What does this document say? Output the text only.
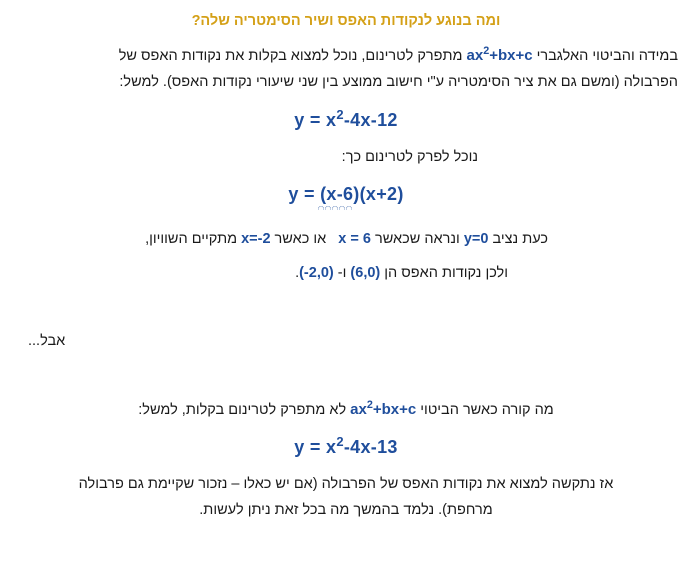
ומה בנוגע לנקודות האפס ושיר הסימטריה שלה?
במידה והביטוי האלגברי $ax^2+bx+c$ מתפרק לטרינום, נוכל למצוא בקלות את נקודות האפס של
הפרבולה (ומשם גם את ציר הסימטריה ע"י חישוב ממוצע בין שני שיעורי נקודות האפס). למשל:
$y = x^2-4x-12$
נוכל לפרק לטרינום כך:
y = (x-6)(x+2)
כעת נציב y=0 ונראה שכאשר x = 6   או כאשר x=-2 מתקיים השוויון,
ולכן נקודות האפס הן (6,0) ו- (-2,0).
אבל...
מה קורה כאשר הביטוי $ax^2+bx+c$ לא מתפרק לטרינום בקלות, למשל:
$y = x^2-4x-13$
אז נתקשה למצוא את נקודות האפס של הפרבולה (אם יש כאלו – נזכור שקיימת גם פרבולה
מרחפת). נלמד בהמשך מה בכל זאת ניתן לעשות.
